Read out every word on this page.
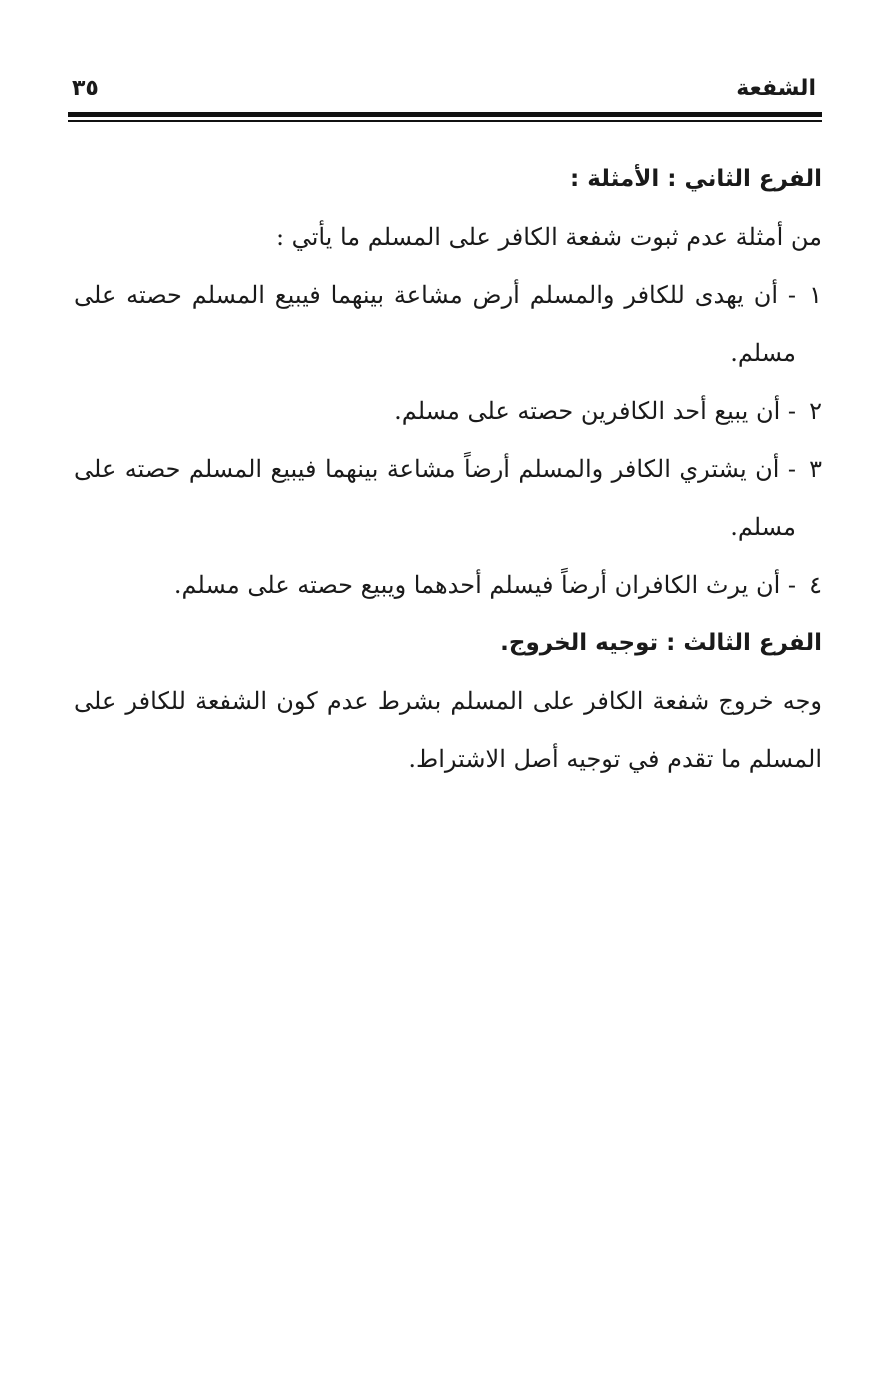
الشفعة
٣٥

الفرع الثاني : الأمثلة :

من أمثلة عدم ثبوت شفعة الكافر على المسلم ما يأتي :

١
- أن يهدى للكافر والمسلم أرض مشاعة بينهما فيبيع المسلم حصته على مسلم.
٢
- أن يبيع أحد الكافرين حصته على مسلم.
٣
- أن يشتري الكافر والمسلم أرضاً مشاعة بينهما فيبيع المسلم حصته على مسلم.
٤
- أن يرث الكافران أرضاً فيسلم أحدهما ويبيع حصته على مسلم.

الفرع الثالث : توجيه الخروج.

وجه خروج شفعة الكافر على المسلم بشرط عدم كون الشفعة للكافر على المسلم ما تقدم في توجيه أصل الاشتراط.
